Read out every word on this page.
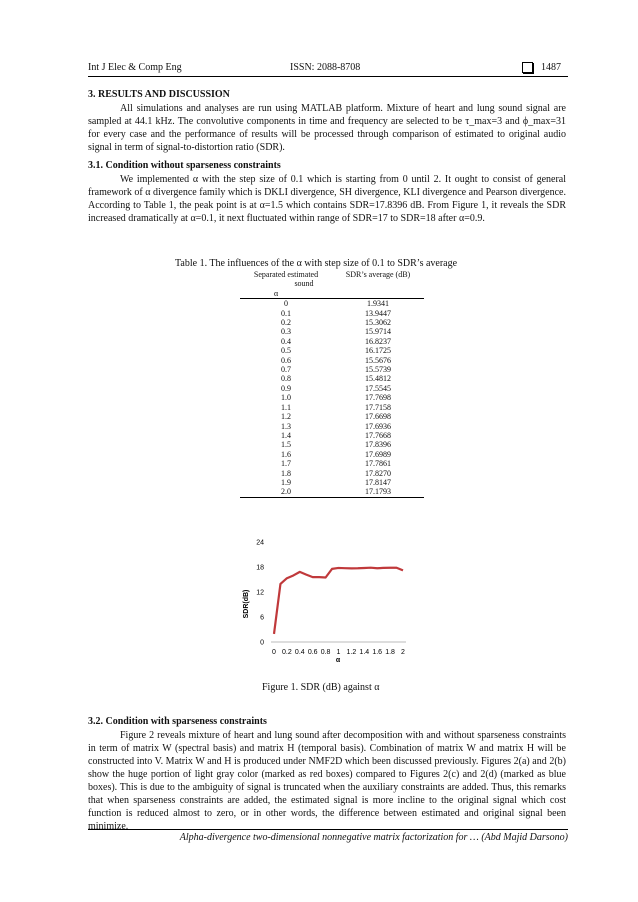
Int J Elec & Comp Eng	ISSN: 2088-8708	1487
3. RESULTS AND DISCUSSION
All simulations and analyses are run using MATLAB platform. Mixture of heart and lung sound signal are sampled at 44.1 kHz. The convolutive components in time and frequency are selected to be τ_max=3 and ϕ_max=31 for every case and the performance of results will be processed through comparison of estimated to original audio signal in term of signal-to-distortion ratio (SDR).
3.1. Condition without sparseness constraints
We implemented α with the step size of 0.1 which is starting from 0 until 2. It ought to consist of general framework of α divergence family which is DKLI divergence, SH divergence, KLI divergence and Pearson divergence. According to Table 1, the peak point is at α=1.5 which contains SDR=17.8396 dB. From Figure 1, it reveals the SDR increased dramatically at α=0.1, it next fluctuated within range of SDR=17 to SDR=18 after α=0.9.
Table 1. The influences of the α with step size of 0.1 to SDR’s average
Separated estimated
sound
α	SDR’s average (dB)
0	1.9341
0.1	13.9447
0.2	15.3062
0.3	15.9714
0.4	16.8237
0.5	16.1725
0.6	15.5676
0.7	15.5739
0.8	15.4812
0.9	17.5545
1.0	17.7698
1.1	17.7158
1.2	17.6698
1.3	17.6936
1.4	17.7668
1.5	17.8396
1.6	17.6989
1.7	17.7861
1.8	17.8270
1.9	17.8147
2.0	17.1793
0
6
12
18
24
0 0.2 0.4 0.6 0.8 1 1.2 1.4 1.6 1.8 2
SDR(dB)
α
Figure 1. SDR (dB) against α
3.2. Condition with sparseness constraints
Figure 2 reveals mixture of heart and lung sound after decomposition with and without sparseness constraints in term of matrix W (spectral basis) and matrix H (temporal basis). Combination of matrix W and matrix H will be constructed into V. Matrix W and H is produced under NMF2D which been discussed previously. Figures 2(a) and 2(b) show the huge portion of light gray color (marked as red boxes) compared to Figures 2(c) and 2(d) (marked as blue boxes). This is due to the ambiguity of signal is truncated when the auxiliary constraints are added. Thus, this remarks that when sparseness constraints are added, the estimated signal is more incline to the original signal which cost function is reduced almost to zero, or in other words, the difference between estimated and original signal been minimize.
Alpha-divergence two-dimensional nonnegative matrix factorization for … (Abd Majid Darsono)
